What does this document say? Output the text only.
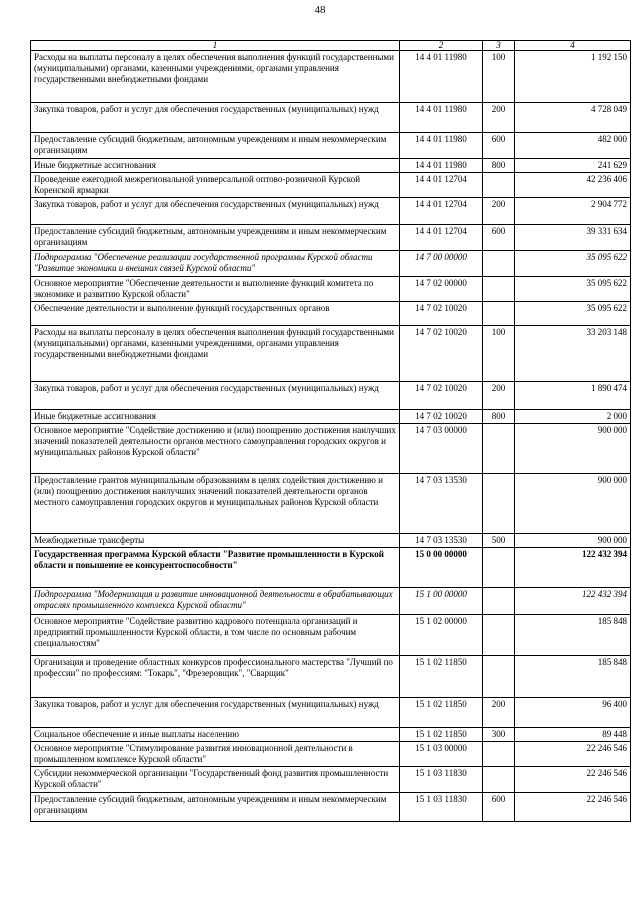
48
1	2	3	4
Расходы на выплаты персоналу в целях обеспечения выполнения функций государственными (муниципальными) органами, казенными учреждениями, органами управления государственными внебюджетными фондами	14 4 01 11980	100	1 192 150
Закупка товаров, работ и услуг для обеспечения государственных (муниципальных) нужд	14 4 01 11980	200	4 728 049
Предоставление субсидий бюджетным, автономным учреждениям и иным некоммерческим организациям	14 4 01 11980	600	482 000
Иные бюджетные ассигнования	14 4 01 11980	800	241 629
Проведение ежегодной межрегиональной универсальной оптово-розничной Курской Коренской ярмарки	14 4 01 12704		42 236 406
Закупка товаров, работ и услуг для обеспечения государственных (муниципальных) нужд	14 4 01 12704	200	2 904 772
Предоставление субсидий бюджетным, автономным учреждениям и иным некоммерческим организациям	14 4 01 12704	600	39 331 634
Подпрограмма "Обеспечение реализации государственной программы Курской области "Развитие экономики и внешних связей Курской области"	14 7 00 00000		35 095 622
Основное мероприятие "Обеспечение деятельности и выполнение функций комитета по экономике и развитию Курской области"	14 7 02 00000		35 095 622
Обеспечение деятельности и выполнение функций государственных органов	14 7 02 10020		35 095 622
Расходы на выплаты персоналу в целях обеспечения выполнения функций государственными (муниципальными) органами, казенными учреждениями, органами управления государственными внебюджетными фондами	14 7 02 10020	100	33 203 148
Закупка товаров, работ и услуг для обеспечения государственных (муниципальных) нужд	14 7 02 10020	200	1 890 474
Иные бюджетные ассигнования	14 7 02 10020	800	2 000
Основное мероприятие "Содействие достижению и (или) поощрению достижения наилучших значений показателей деятельности органов местного самоуправления городских округов и муниципальных районов Курской области"	14 7 03 00000		900 000
Предоставление грантов муниципальным образованиям в целях содействия достижению и (или) поощрению достижения наилучших значений показателей деятельности органов местного самоуправления городских округов и муниципальных районов Курской области	14 7 03 13530		900 000
Межбюджетные трансферты	14 7 03 13530	500	900 000
Государственная программа Курской области "Развитие промышленности в Курской области и повышение ее конкурентоспособности"	15 0 00 00000		122 432 394
Подпрограмма "Модернизация и развитие инновационной деятельности в обрабатывающих отраслях промышленного комплекса Курской области"	15 1 00 00000		122 432 394
Основное мероприятие "Содействие развитию кадрового потенциала организаций и предприятий промышленности Курской области, в том числе по основным рабочим специальностям"	15 1 02 00000		185 848
Организация и проведение областных конкурсов профессионального мастерства "Лучший по профессии" по профессиям: "Токарь", "Фрезеровщик", "Сварщик"	15 1 02 11850		185 848
Закупка товаров, работ и услуг для обеспечения государственных (муниципальных) нужд	15 1 02 11850	200	96 400
Социальное обеспечение и иные выплаты населению	15 1 02 11850	300	89 448
Основное мероприятие "Стимулирование развития инновационной деятельности в промышленном комплексе Курской области"	15 1 03 00000		22 246 546
Субсидии некоммерческой организации "Государственный фонд развития промышленности Курской области"	15 1 03 11830		22 246 546
Предоставление субсидий бюджетным, автономным учреждениям и иным некоммерческим организациям	15 1 03 11830	600	22 246 546
